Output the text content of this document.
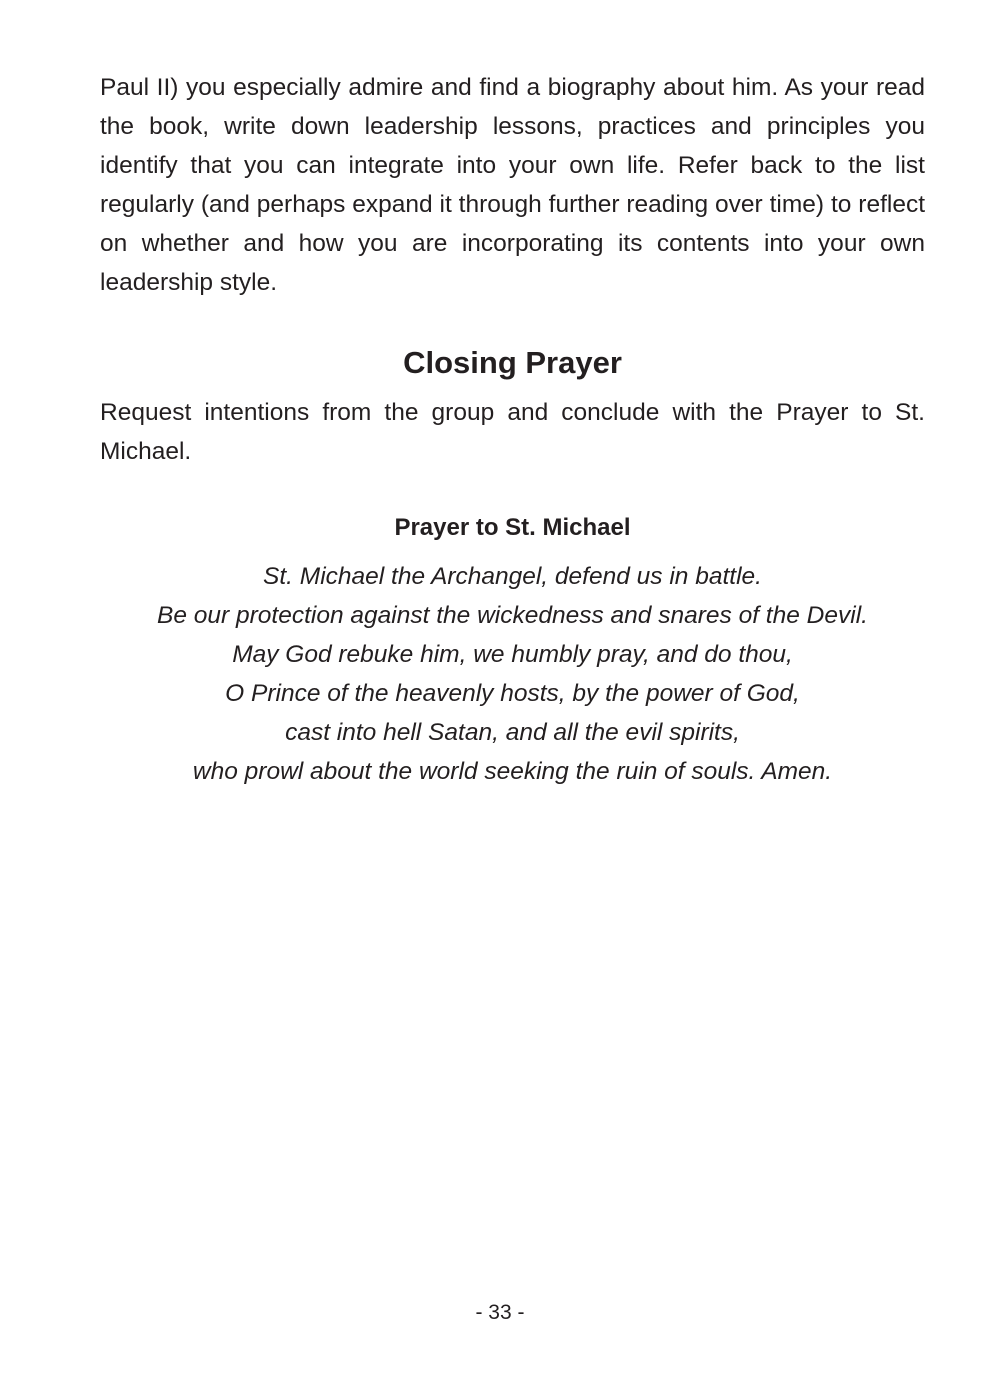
Paul II) you especially admire and find a biography about him. As your read the book, write down leadership lessons, practices and principles you identify that you can integrate into your own life. Refer back to the list regularly (and perhaps expand it through further reading over time) to reflect on whether and how you are incorporating its contents into your own leadership style.

Closing Prayer

Request intentions from the group and conclude with the Prayer to St. Michael.

Prayer to St. Michael
St. Michael the Archangel, defend us in battle.
Be our protection against the wickedness and snares of the Devil.
May God rebuke him, we humbly pray, and do thou,
O Prince of the heavenly hosts, by the power of God,
cast into hell Satan, and all the evil spirits,
who prowl about the world seeking the ruin of souls. Amen.
- 33 -
